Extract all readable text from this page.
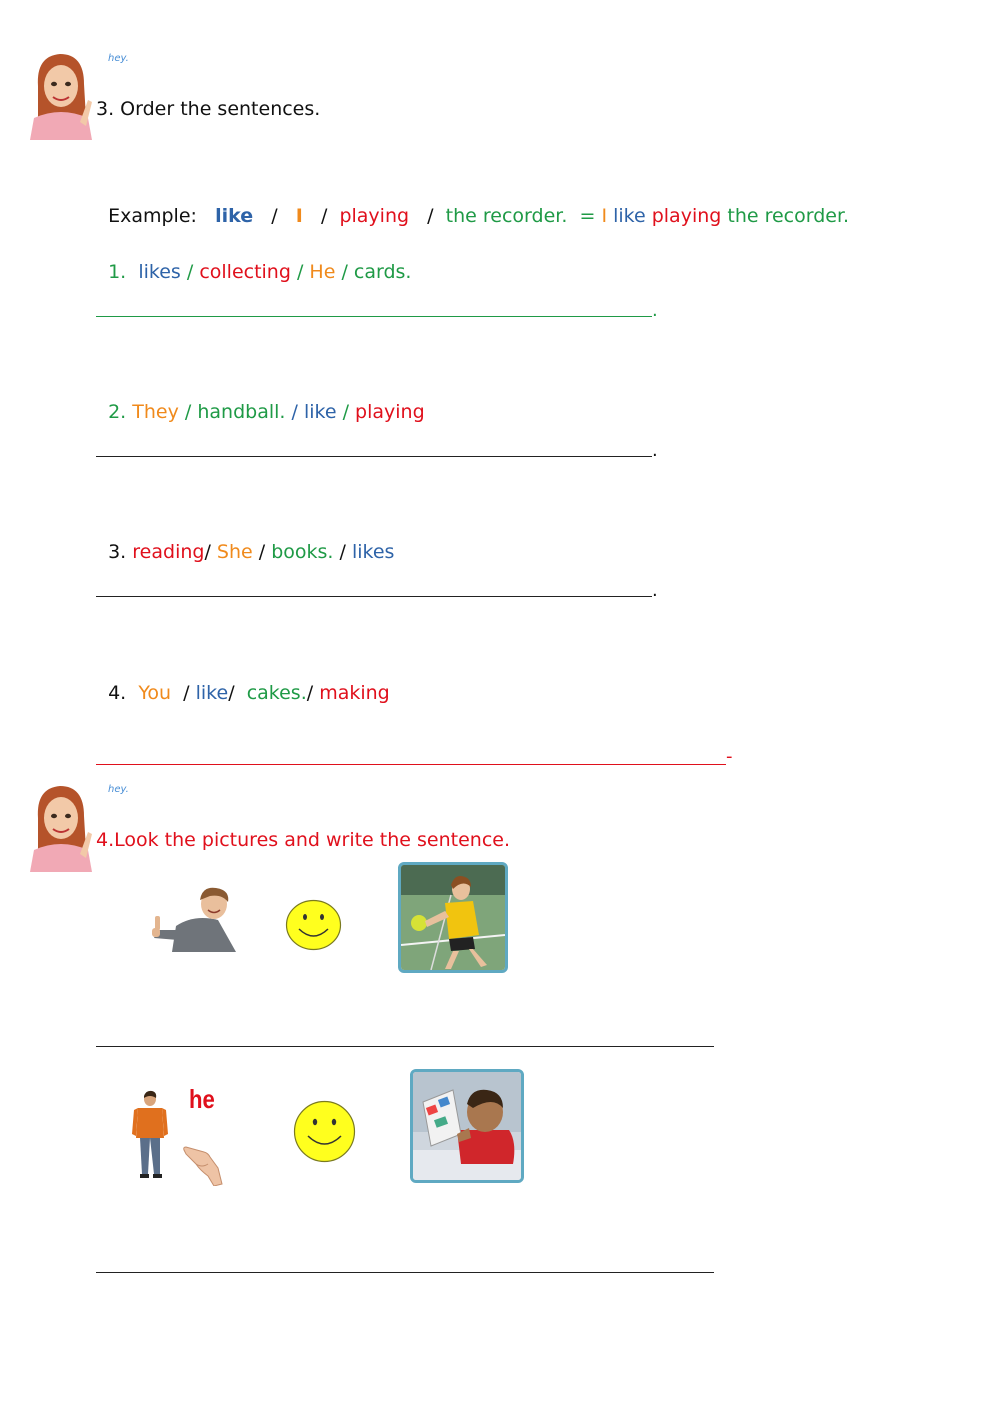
hey.
3. Order the sentences.

Example: like   /   I   /  playing   /  the recorder. = I like playing the recorder.

1. likes / collecting / He / cards.

.

2. They / handball. / like / playing

.

3. reading/ She / books. / likes

.

4. You / like/ cakes./ making

-
hey.
4.Look the pictures and write the sentence.
he
